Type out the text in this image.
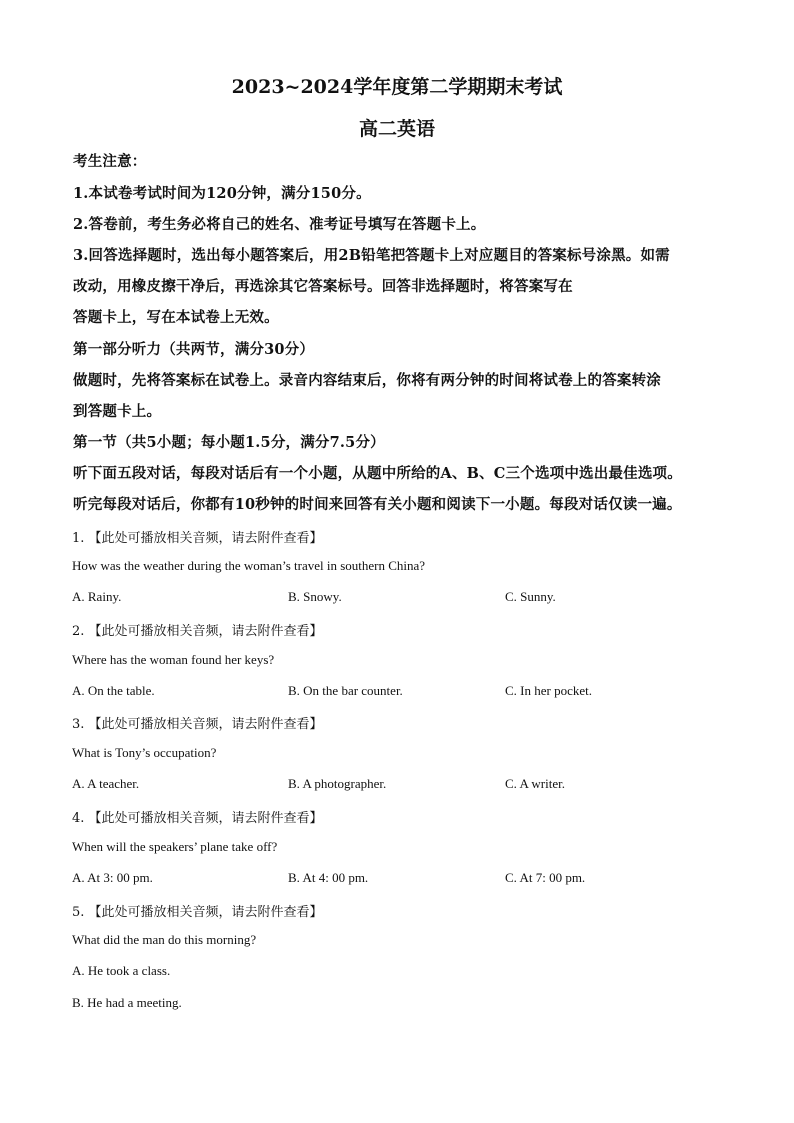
2023~2024学年度第二学期期末考试
高二英语
考生注意：
1.本试卷考试时间为120分钟，满分150分。
2.答卷前，考生务必将自己的姓名、准考证号填写在答题卡上。
3.回答选择题时，选出每小题答案后，用2B铅笔把答题卡上对应题目的答案标号涂黑。如需
改动，用橡皮擦干净后，再选涂其它答案标号。回答非选择题时，将答案写在
答题卡上，写在本试卷上无效。
第一部分听力（共两节，满分30分）
做题时，先将答案标在试卷上。录音内容结束后，你将有两分钟的时间将试卷上的答案转涂
到答题卡上。
第一节（共5小题；每小题1.5分，满分7.5分）
听下面五段对话，每段对话后有一个小题，从题中所给的A、B、C三个选项中选出最佳选项。
听完每段对话后，你都有10秒钟的时间来回答有关小题和阅读下一小题。每段对话仅读一遍。
1. 【此处可播放相关音频，请去附件查看】
How was the weather during the woman’s travel in southern China?
A. Rainy.	B. Snowy.	C. Sunny.
2. 【此处可播放相关音频，请去附件查看】
Where has the woman found her keys?
A. On the table.	B. On the bar counter.	C. In her pocket.
3. 【此处可播放相关音频，请去附件查看】
What is Tony’s occupation?
A. A teacher.	B. A photographer.	C. A writer.
4. 【此处可播放相关音频，请去附件查看】
When will the speakers’ plane take off?
A. At 3: 00 pm.	B. At 4: 00 pm.	C. At 7: 00 pm.
5. 【此处可播放相关音频，请去附件查看】
What did the man do this morning?
A. He took a class.
B. He had a meeting.
